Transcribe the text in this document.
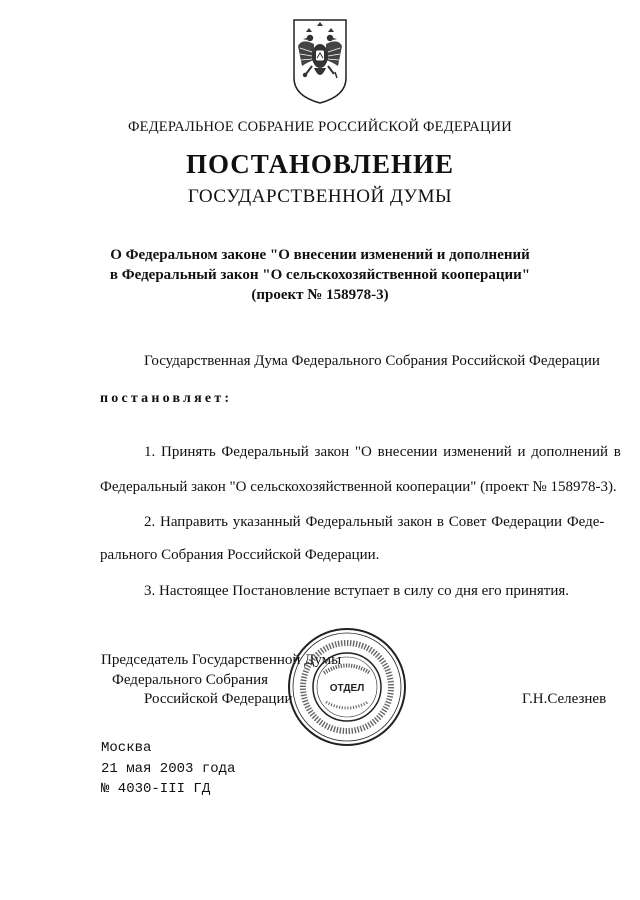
ФЕДЕРАЛЬНОЕ СОБРАНИЕ РОССИЙСКОЙ ФЕДЕРАЦИИ
ПОСТАНОВЛЕНИЕ
ГОСУДАРСТВЕННОЙ ДУМЫ
О Федеральном законе "О внесении изменений и дополнений
в Федеральный закон "О сельскохозяйственной кооперации"
(проект № 158978-3)
Государственная Дума Федерального Собрания Российской Федерации
постановляет:
1. Принять Федеральный закон "О внесении изменений и дополнений в
Федеральный закон "О сельскохозяйственной кооперации" (проект № 158978-3).
2. Направить указанный Федеральный закон в Совет Федерации Феде-
рального Собрания Российской Федерации.
3. Настоящее Постановление вступает в силу со дня его принятия.
Председатель Государственной Думы
Федерального Собрания
Российской Федерации	Г.Н.Селезнев
ОТДЕЛ
Москва
21 мая 2003 года
№ 4030-III ГД
